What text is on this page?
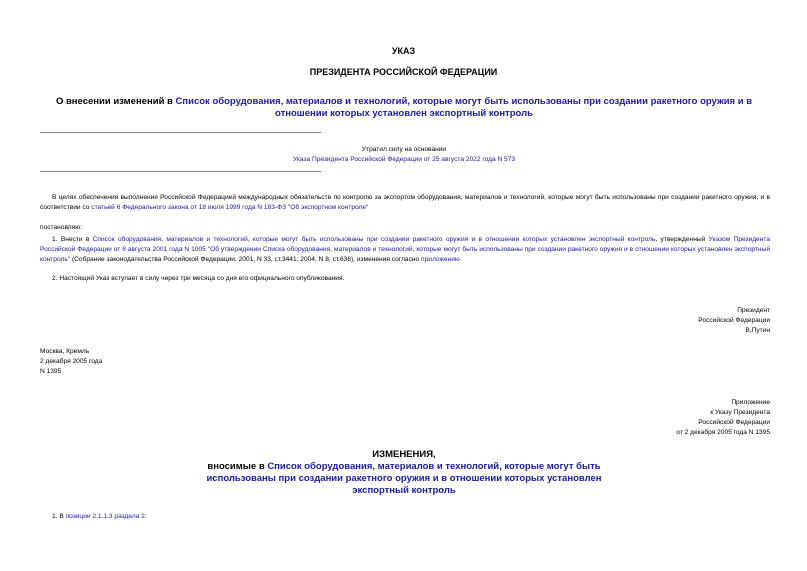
УКАЗ
ПРЕЗИДЕНТА РОССИЙСКОЙ ФЕДЕРАЦИИ
О внесении изменений в Список оборудования, материалов и технологий, которые могут быть использованы при создании ракетного оружия и в отношении которых установлен экспортный контроль
Утратил силу на основании
Указа Президента Российской Федерации от 25 августа 2022 года N 573
В целях обеспечения выполнения Российской Федерацией международных обязательств по контролю за экспортом оборудования, материалов и технологий, которые могут быть использованы при создании ракетного оружия, и в соответствии со статьей 6 Федерального закона от 18 июля 1999 года N 183-ФЗ "Об экспортном контроле"
постановляю:
1. Внести в Список оборудования, материалов и технологий, которые могут быть использованы при создании ракетного оружия и в отношении которых установлен экспортный контроль, утвержденный Указом Президента Российской Федерации от 8 августа 2001 года N 1005 "Об утверждении Списка оборудования, материалов и технологий, которые могут быть использованы при создании ракетного оружия и в отношении которых установлен экспортный контроль" (Собрание законодательства Российской Федерации, 2001, N 33, ст.3441; 2004, N 8, ст.636), изменения согласно приложению.
2. Настоящий Указ вступает в силу через три месяца со дня его официального опубликования.
Президент
Российской Федерации
В.Путин
Москва, Кремль
2 декабря 2005 года
N 1395
Приложение
к Указу Президента
Российской Федерации
от 2 декабря 2005 года N 1395
ИЗМЕНЕНИЯ,
вносимые в Список оборудования, материалов и технологий, которые могут быть использованы при создании ракетного оружия и в отношении которых установлен экспортный контроль
1. В позиции 2.1.1.3 раздела 2:
